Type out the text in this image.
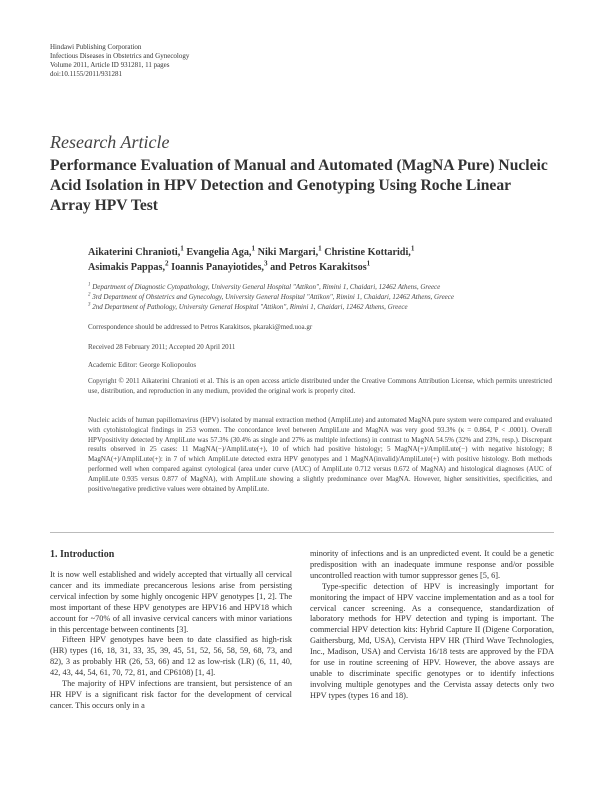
Hindawi Publishing Corporation
Infectious Diseases in Obstetrics and Gynecology
Volume 2011, Article ID 931281, 11 pages
doi:10.1155/2011/931281
Research Article
Performance Evaluation of Manual and Automated (MagNA Pure) Nucleic Acid Isolation in HPV Detection and Genotyping Using Roche Linear Array HPV Test
Aikaterini Chranioti,$^1$ Evangelia Aga,$^1$ Niki Margari,$^1$ Christine Kottaridi,$^1$
Asimakis Pappas,$^2$ Ioannis Panayiotides,$^3$ and Petros Karakitsos$^1$
$^1$ Department of Diagnostic Cytopathology, University General Hospital "Attikon", Rimini 1, Chaidari, 12462 Athens, Greece
$^2$ 3rd Department of Obstetrics and Gynecology, University General Hospital "Attikon", Rimini 1, Chaidari, 12462 Athens, Greece
$^3$ 2nd Department of Pathology, University General Hospital "Attikon", Rimini 1, Chaidari, 12462 Athens, Greece
Correspondence should be addressed to Petros Karakitsos, pkaraki@med.uoa.gr
Received 28 February 2011; Accepted 20 April 2011
Academic Editor: George Koliopoulos
Copyright © 2011 Aikaterini Chranioti et al. This is an open access article distributed under the Creative Commons Attribution License, which permits unrestricted use, distribution, and reproduction in any medium, provided the original work is properly cited.
Nucleic acids of human papillomavirus (HPV) isolated by manual extraction method (AmpliLute) and automated MagNA pure system were compared and evaluated with cytohistological findings in 253 women. The concordance level between AmpliLute and MagNA was very good 93.3% (κ = 0.864, P < .0001). Overall HPVpositivity detected by AmpliLute was 57.3% (30.4% as single and 27% as multiple infections) in contrast to MagNA 54.5% (32% and 23%, resp.). Discrepant results observed in 25 cases: 11 MagNA(−)/AmpliLute(+), 10 of which had positive histology; 5 MagNA(+)/AmpliLute(−) with negative histology; 8 MagNA(+)/AmpliLute(+): in 7 of which AmpliLute detected extra HPV genotypes and 1 MagNA(invalid)/AmpliLute(+) with positive histology. Both methods performed well when compared against cytological (area under curve (AUC) of AmpliLute 0.712 versus 0.672 of MagNA) and histological diagnoses (AUC of AmpliLute 0.935 versus 0.877 of MagNA), with AmpliLute showing a slightly predominance over MagNA. However, higher sensitivities, specificities, and positive/negative predictive values were obtained by AmpliLute.
1. Introduction

It is now well established and widely accepted that virtually all cervical cancer and its immediate precancerous lesions arise from persisting cervical infection by some highly oncogenic HPV genotypes [1, 2]. The most important of these HPV genotypes are HPV16 and HPV18 which account for ~70% of all invasive cervical cancers with minor variations in this percentage between continents [3].

Fifteen HPV genotypes have been to date classified as high-risk (HR) types (16, 18, 31, 33, 35, 39, 45, 51, 52, 56, 58, 59, 68, 73, and 82), 3 as probably HR (26, 53, 66) and 12 as low-risk (LR) (6, 11, 40, 42, 43, 44, 54, 61, 70, 72, 81, and CP6108) [1, 4].

The majority of HPV infections are transient, but persistence of an HR HPV is a significant risk factor for the development of cervical cancer. This occurs only in a

minority of infections and is an unpredicted event. It could be a genetic predisposition with an inadequate immune response and/or possible uncontrolled reaction with tumor suppressor genes [5, 6].

Type-specific detection of HPV is increasingly important for monitoring the impact of HPV vaccine implementation and as a tool for cervical cancer screening. As a consequence, standardization of laboratory methods for HPV detection and typing is important. The commercial HPV detection kits: Hybrid Capture II (Digene Corporation, Gaithersburg, Md, USA), Cervista HPV HR (Third Wave Technologies, Inc., Madison, USA) and Cervista 16/18 tests are approved by the FDA for use in routine screening of HPV. However, the above assays are unable to discriminate specific genotypes or to identify infections involving multiple genotypes and the Cervista assay detects only two HPV types (types 16 and 18).
